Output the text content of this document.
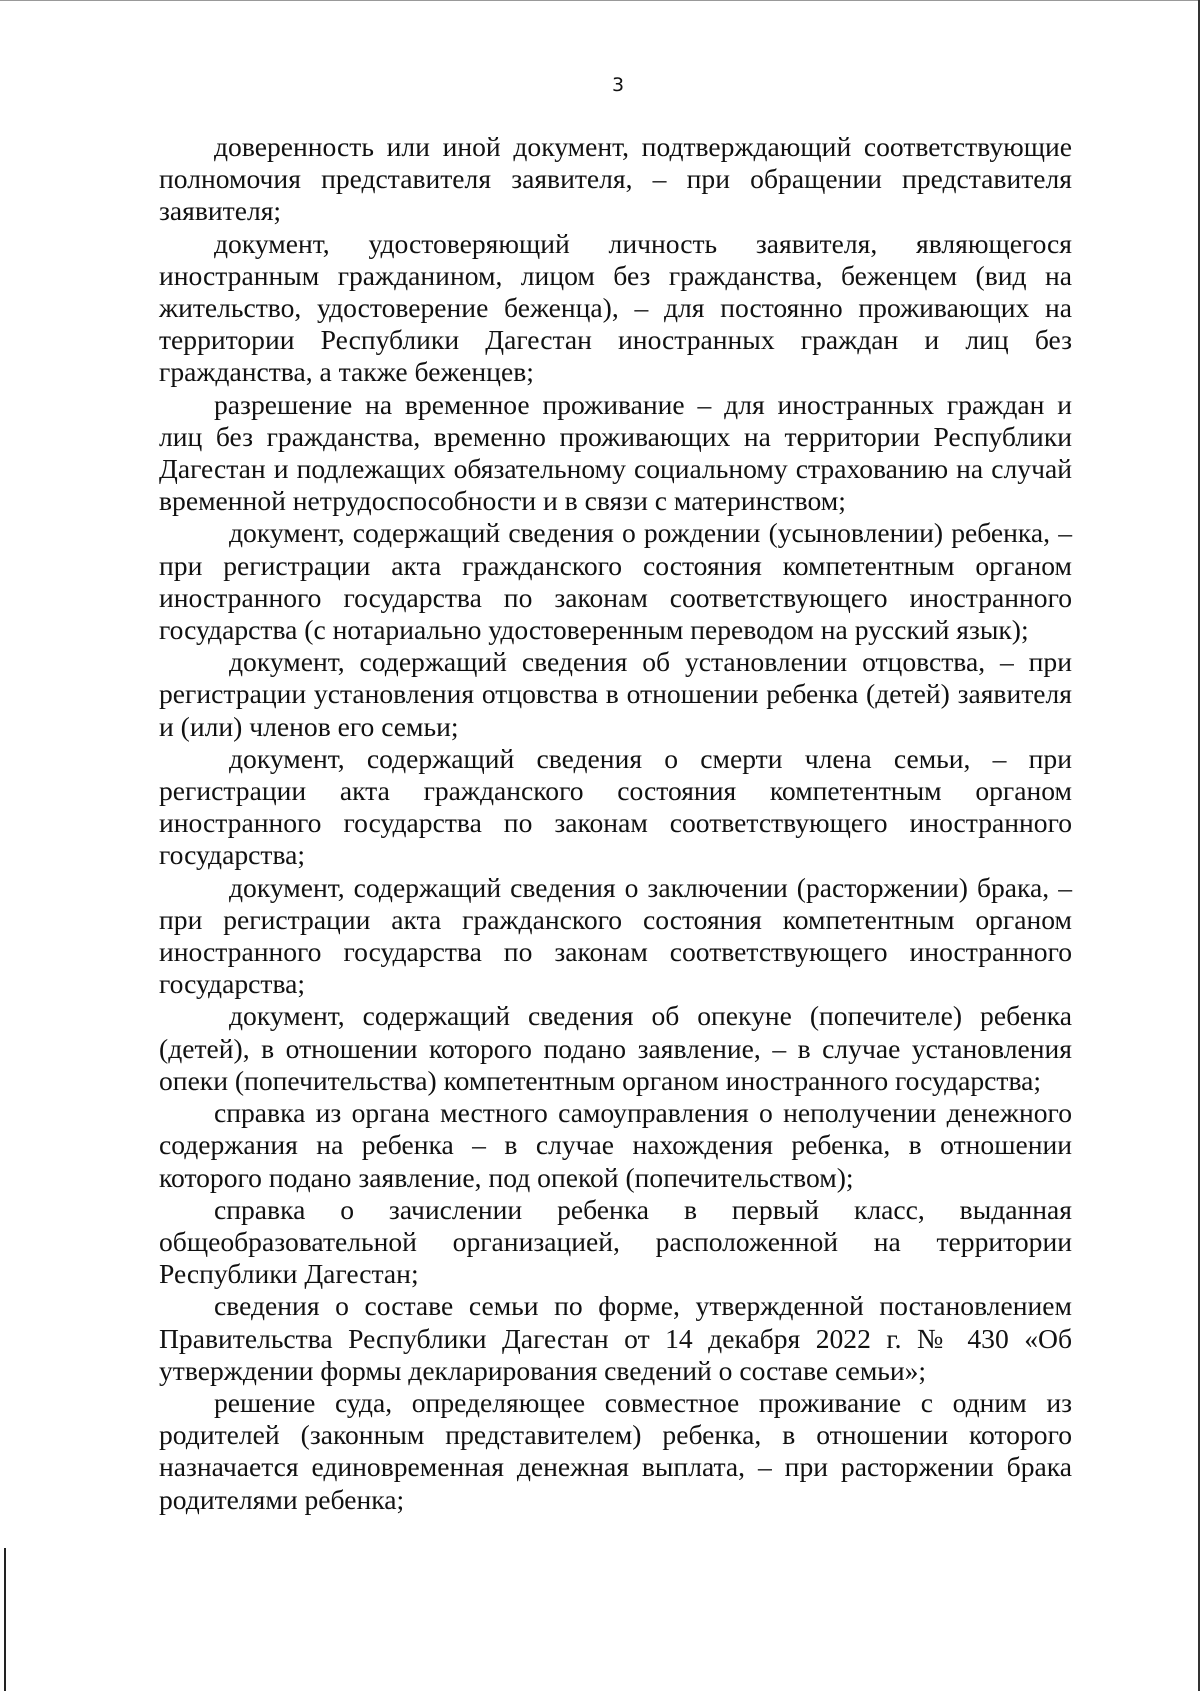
3

доверенность или иной документ, подтверждающий соответствующие полномочия представителя заявителя, – при обращении представителя заявителя;

документ, удостоверяющий личность заявителя, являющегося иностранным гражданином, лицом без гражданства, беженцем (вид на жительство, удостоверение беженца), – для постоянно проживающих на территории Республики Дагестан иностранных граждан и лиц без гражданства, а также беженцев;

разрешение на временное проживание – для иностранных граждан и лиц без гражданства, временно проживающих на территории Республики Дагестан и подлежащих обязательному социальному страхованию на случай временной нетрудоспособности и в связи с материнством;

документ, содержащий сведения о рождении (усыновлении) ребенка, – при регистрации акта гражданского состояния компетентным органом иностранного государства по законам соответствующего иностранного государства (с нотариально удостоверенным переводом на русский язык);

документ, содержащий сведения об установлении отцовства, – при регистрации установления отцовства в отношении ребенка (детей) заявителя и (или) членов его семьи;

документ, содержащий сведения о смерти члена семьи, – при регистрации акта гражданского состояния компетентным органом иностранного государства по законам соответствующего иностранного государства;

документ, содержащий сведения о заключении (расторжении) брака, – при регистрации акта гражданского состояния компетентным органом иностранного государства по законам соответствующего иностранного государства;

документ, содержащий сведения об опекуне (попечителе) ребенка (детей), в отношении которого подано заявление, – в случае установления опеки (попечительства) компетентным органом иностранного государства;

справка из органа местного самоуправления о неполучении денежного содержания на ребенка – в случае нахождения ребенка, в отношении которого подано заявление, под опекой (попечительством);

справка о зачислении ребенка в первый класс, выданная общеобразовательной организацией, расположенной на территории Республики Дагестан;

сведения о составе семьи по форме, утвержденной постановлением Правительства Республики Дагестан от 14 декабря 2022 г. № 430 «Об утверждении формы декларирования сведений о составе семьи»;

решение суда, определяющее совместное проживание с одним из родителей (законным представителем) ребенка, в отношении которого назначается единовременная денежная выплата, – при расторжении брака родителями ребенка;
